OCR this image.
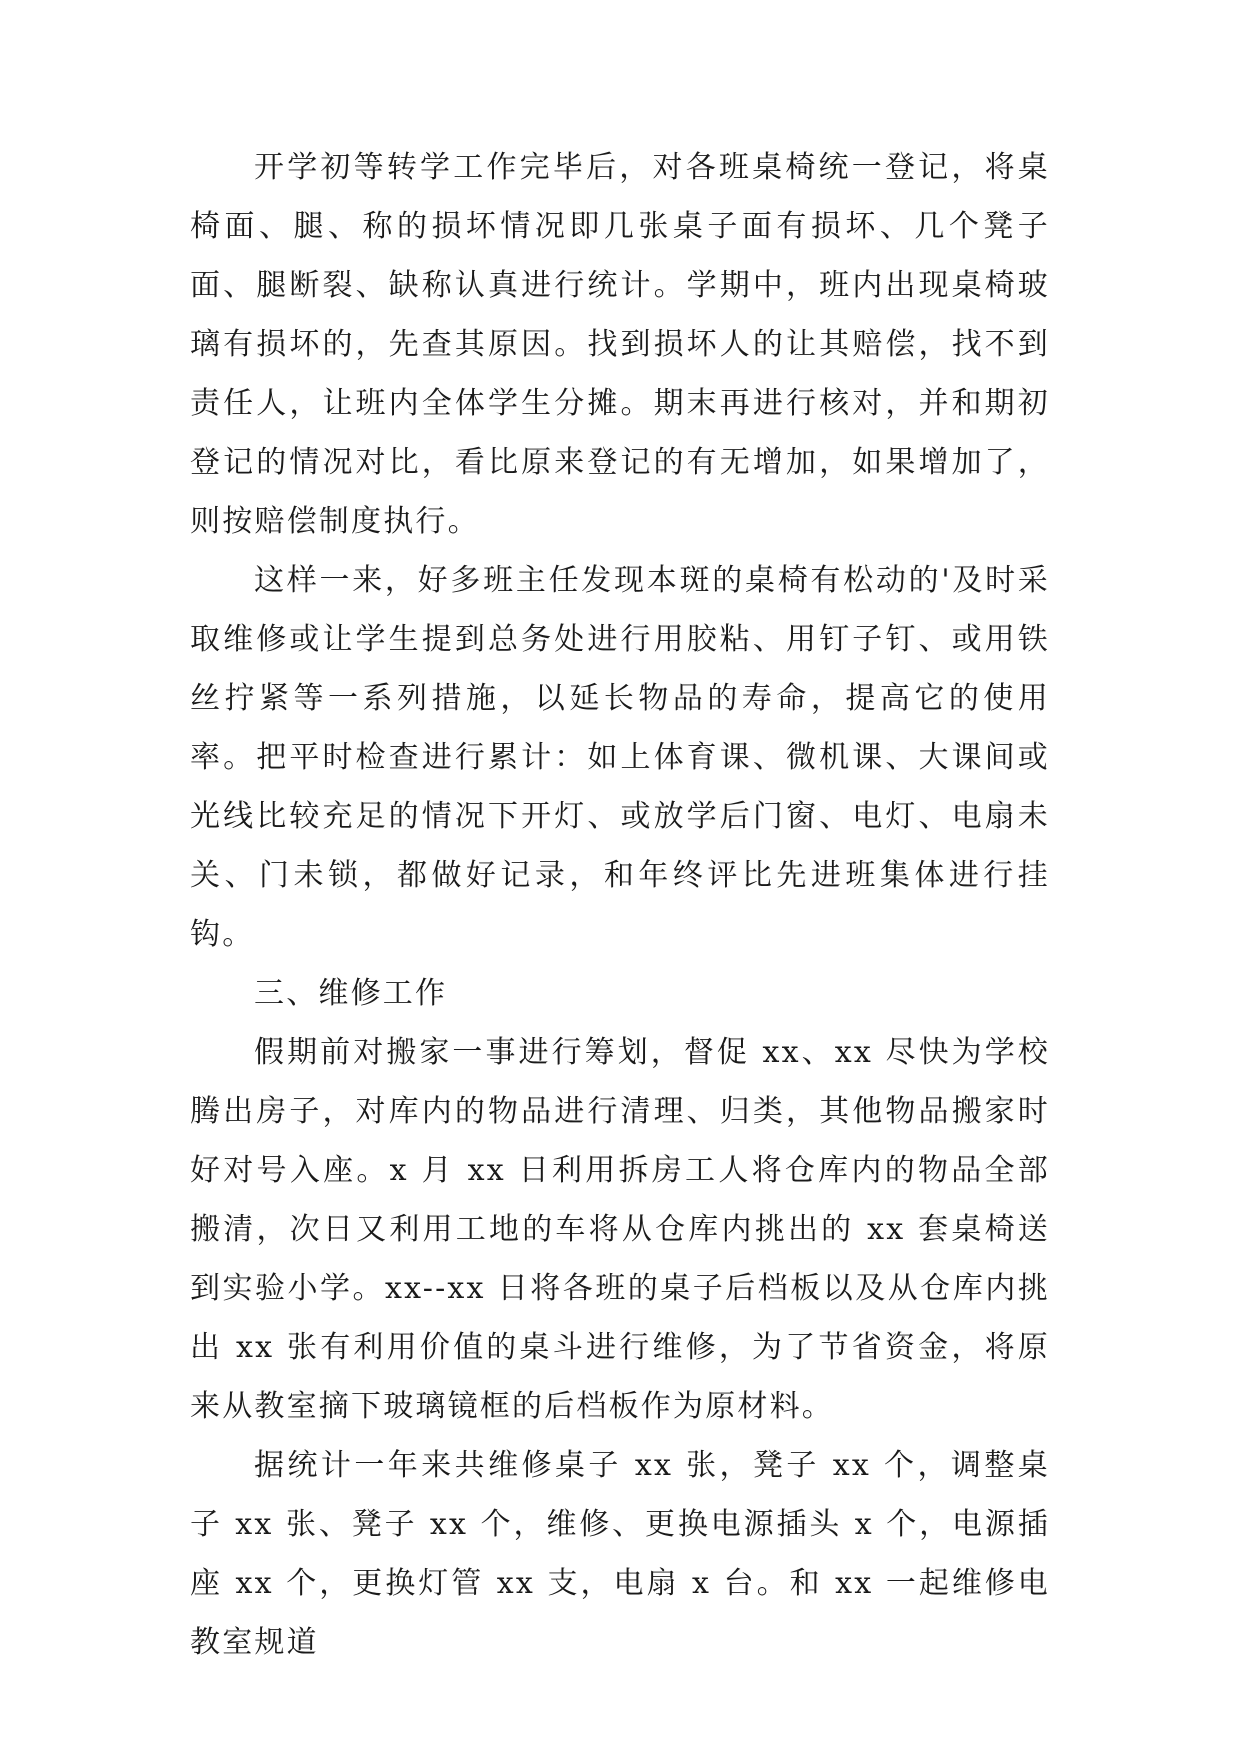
开学初等转学工作完毕后，对各班桌椅统一登记，将桌椅面、腿、称的损坏情况即几张桌子面有损坏、几个凳子面、腿断裂、缺称认真进行统计。学期中，班内出现桌椅玻璃有损坏的，先查其原因。找到损坏人的让其赔偿，找不到责任人，让班内全体学生分摊。期末再进行核对，并和期初登记的情况对比，看比原来登记的有无增加，如果增加了，则按赔偿制度执行。

这样一来，好多班主任发现本斑的桌椅有松动的'及时采取维修或让学生提到总务处进行用胶粘、用钉子钉、或用铁丝拧紧等一系列措施，以延长物品的寿命，提高它的使用率。把平时检查进行累计：如上体育课、微机课、大课间或光线比较充足的情况下开灯、或放学后门窗、电灯、电扇未关、门未锁，都做好记录，和年终评比先进班集体进行挂钩。

三、维修工作

假期前对搬家一事进行筹划，督促 xx、xx 尽快为学校腾出房子，对库内的物品进行清理、归类，其他物品搬家时好对号入座。x 月 xx 日利用拆房工人将仓库内的物品全部搬清，次日又利用工地的车将从仓库内挑出的 xx 套桌椅送到实验小学。xx--xx 日将各班的桌子后档板以及从仓库内挑出 xx 张有利用价值的桌斗进行维修，为了节省资金，将原来从教室摘下玻璃镜框的后档板作为原材料。

据统计一年来共维修桌子 xx 张，凳子 xx 个，调整桌子 xx 张、凳子 xx 个，维修、更换电源插头 x 个，电源插座 xx 个，更换灯管 xx 支，电扇 x 台。和 xx 一起维修电教室规道
